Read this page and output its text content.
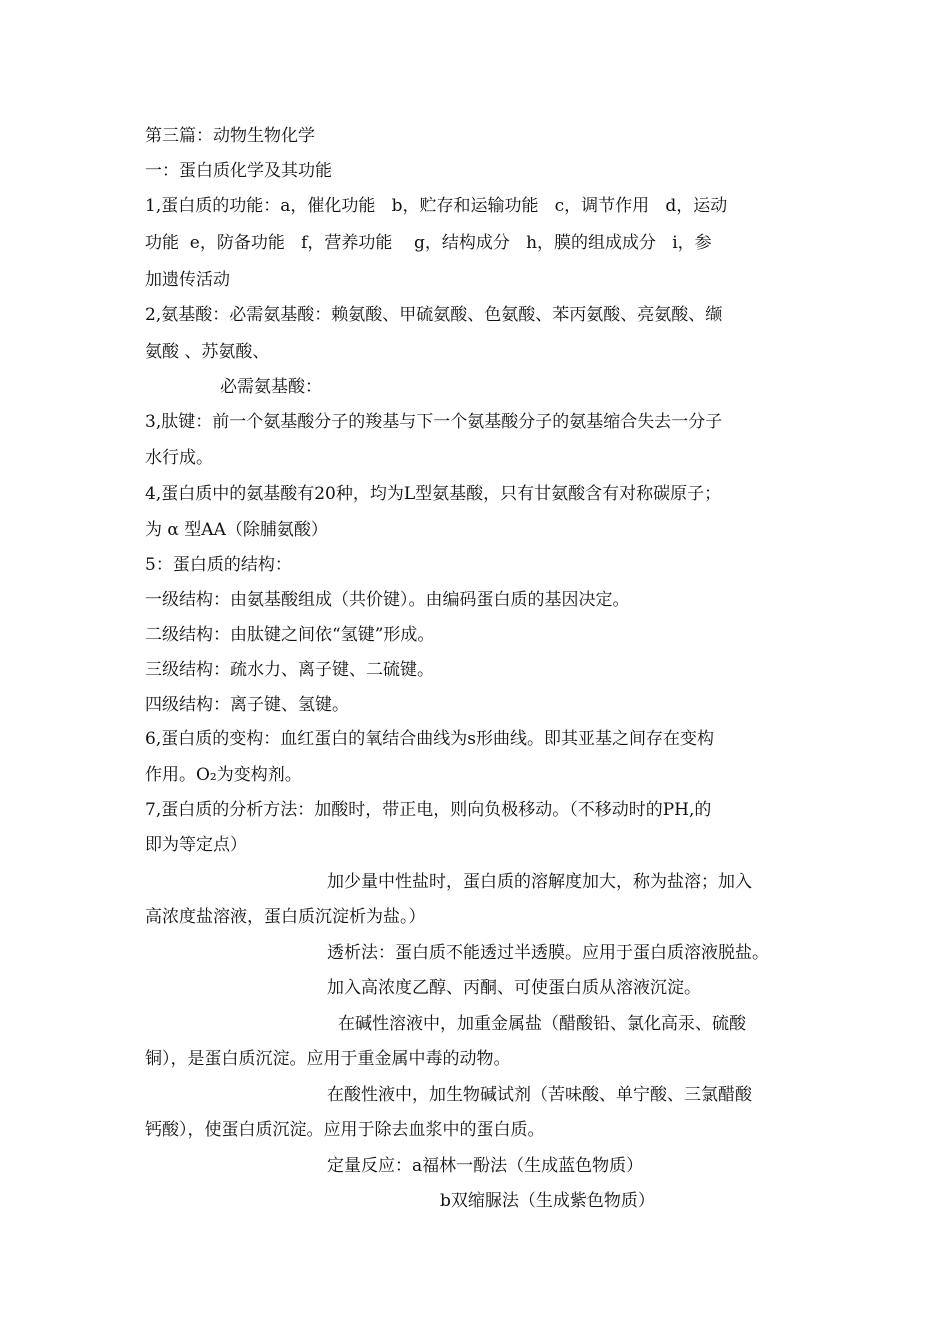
第三篇：动物生物化学
一：蛋白质化学及其功能
1,蛋白质的功能：a，催化功能   b，贮存和运输功能   c，调节作用   d，运动
功能  e，防备功能   f，营养功能    g，结构成分   h，膜的组成成分   i，参
加遗传活动
2,氨基酸：必需氨基酸：赖氨酸、甲硫氨酸、色氨酸、苯丙氨酸、亮氨酸、缬
氨酸 、苏氨酸、
必需氨基酸：
3,肽键：前一个氨基酸分子的羧基与下一个氨基酸分子的氨基缩合失去一分子
水行成。
4,蛋白质中的氨基酸有20种，均为L型氨基酸，只有甘氨酸含有对称碳原子；
为 α 型AA（除脯氨酸）
5：蛋白质的结构：
一级结构：由氨基酸组成（共价键）。由编码蛋白质的基因决定。
二级结构：由肽键之间依“氢键”形成。
三级结构：疏水力、离子键、二硫键。
四级结构：离子键、氢键。
6,蛋白质的变构：血红蛋白的氧结合曲线为s形曲线。即其亚基之间存在变构
作用。O₂为变构剂。
7,蛋白质的分析方法：加酸时，带正电，则向负极移动。（不移动时的PH,的
即为等定点）
加少量中性盐时，蛋白质的溶解度加大，称为盐溶；加入
高浓度盐溶液，蛋白质沉淀析为盐。）
透析法：蛋白质不能透过半透膜。应用于蛋白质溶液脱盐。
加入高浓度乙醇、丙酮、可使蛋白质从溶液沉淀。
在碱性溶液中，加重金属盐（醋酸铅、氯化高汞、硫酸
铜），是蛋白质沉淀。应用于重金属中毒的动物。
在酸性液中，加生物碱试剂（苦味酸、单宁酸、三氯醋酸
钙酸），使蛋白质沉淀。应用于除去血浆中的蛋白质。
定量反应：a福林一酚法（生成蓝色物质）
b双缩脲法（生成紫色物质）
